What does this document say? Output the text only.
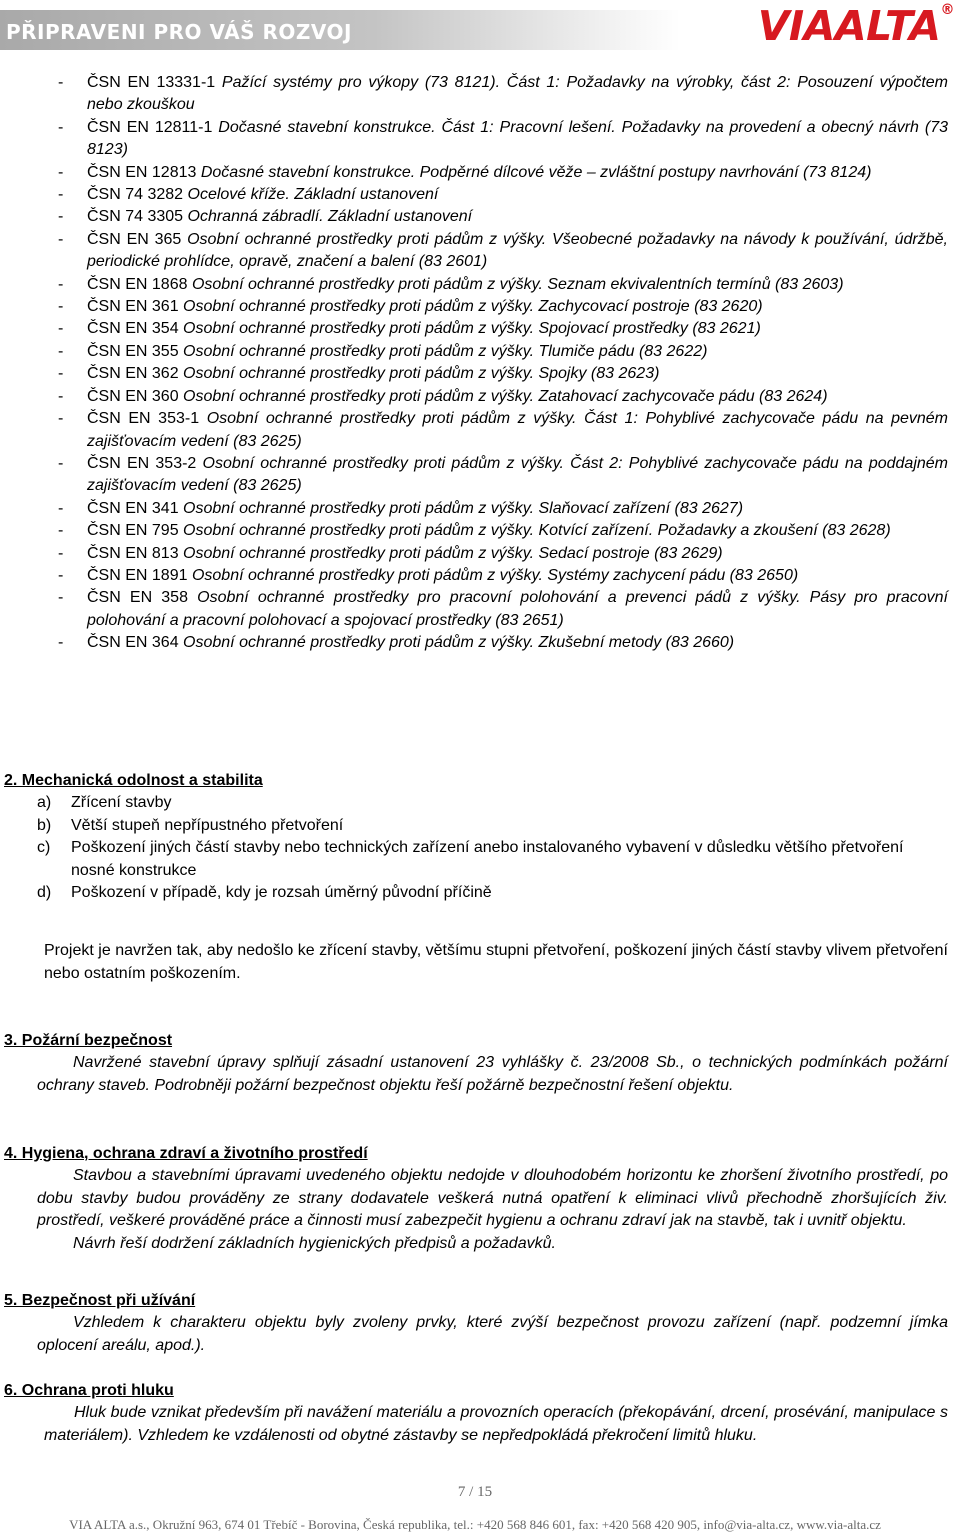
PŘIPRAVENI PRO VÁŠ ROZVOJ	VIAALTA®
- ČSN EN 13331-1 Pažící systémy pro výkopy (73 8121). Část 1: Požadavky na výrobky, část 2: Posouzení výpočtem nebo zkouškou
- ČSN EN 12811-1 Dočasné stavební konstrukce. Část 1: Pracovní lešení. Požadavky na provedení a obecný návrh (73 8123)
- ČSN EN 12813 Dočasné stavební konstrukce. Podpěrné dílcové věže – zvláštní postupy navrhování (73 8124)
- ČSN 74 3282 Ocelové kříže. Základní ustanovení
- ČSN 74 3305 Ochranná zábradlí. Základní ustanovení
- ČSN EN 365 Osobní ochranné prostředky proti pádům z výšky. Všeobecné požadavky na návody k používání, údržbě, periodické prohlídce, opravě, značení a balení (83 2601)
- ČSN EN 1868 Osobní ochranné prostředky proti pádům z výšky. Seznam ekvivalentních termínů (83 2603)
- ČSN EN 361 Osobní ochranné prostředky proti pádům z výšky. Zachycovací postroje (83 2620)
- ČSN EN 354 Osobní ochranné prostředky proti pádům z výšky. Spojovací prostředky (83 2621)
- ČSN EN 355 Osobní ochranné prostředky proti pádům z výšky. Tlumiče pádu (83 2622)
- ČSN EN 362 Osobní ochranné prostředky proti pádům z výšky. Spojky (83 2623)
- ČSN EN 360 Osobní ochranné prostředky proti pádům z výšky. Zatahovací zachycovače pádu (83 2624)
- ČSN EN 353-1 Osobní ochranné prostředky proti pádům z výšky. Část 1: Pohyblivé zachycovače pádu na pevném zajišťovacím vedení (83 2625)
- ČSN EN 353-2 Osobní ochranné prostředky proti pádům z výšky. Část 2: Pohyblivé zachycovače pádu na poddajném zajišťovacím vedení (83 2625)
- ČSN EN 341 Osobní ochranné prostředky proti pádům z výšky. Slaňovací zařízení (83 2627)
- ČSN EN 795 Osobní ochranné prostředky proti pádům z výšky. Kotvící zařízení. Požadavky a zkoušení (83 2628)
- ČSN EN 813 Osobní ochranné prostředky proti pádům z výšky. Sedací postroje (83 2629)
- ČSN EN 1891 Osobní ochranné prostředky proti pádům z výšky. Systémy zachycení pádu (83 2650)
- ČSN EN 358 Osobní ochranné prostředky pro pracovní polohování a prevenci pádů z výšky. Pásy pro pracovní polohování a pracovní polohovací a spojovací prostředky (83 2651)
- ČSN EN 364 Osobní ochranné prostředky proti pádům z výšky. Zkušební metody (83 2660)
2. Mechanická odolnost a stabilita
a) Zřícení stavby
b) Větší stupeň nepřípustného přetvoření
c) Poškození jiných částí stavby nebo technických zařízení anebo instalovaného vybavení v důsledku většího přetvoření nosné konstrukce
d) Poškození v případě, kdy je rozsah úměrný původní příčině
Projekt je navržen tak, aby nedošlo ke zřícení stavby, většímu stupni přetvoření, poškození jiných částí stavby vlivem přetvoření nebo ostatním poškozením.
3. Požární bezpečnost
Navržené stavební úpravy splňují zásadní ustanovení 23 vyhlášky č. 23/2008 Sb., o technických podmínkách požární ochrany staveb. Podrobněji požární bezpečnost objektu řeší požárně bezpečnostní řešení objektu.
4. Hygiena, ochrana zdraví a životního prostředí
Stavbou a stavebními úpravami uvedeného objektu nedojde v dlouhodobém horizontu ke zhoršení životního prostředí, po dobu stavby budou prováděny ze strany dodavatele veškerá nutná opatření k eliminaci vlivů přechodně zhoršujících živ. prostředí, veškeré prováděné práce a činnosti musí zabezpečit hygienu a ochranu zdraví jak na stavbě, tak i uvnitř objektu.
Návrh řeší dodržení základních hygienických předpisů a požadavků.
5. Bezpečnost při užívání
Vzhledem k charakteru objektu byly zvoleny prvky, které zvýší bezpečnost provozu zařízení (např. podzemní jímka oplocení areálu, apod.).
6. Ochrana proti hluku
Hluk bude vznikat především při navážení materiálu a provozních operacích (překopávání, drcení, prosévání, manipulace s materiálem). Vzhledem ke vzdálenosti od obytné zástavby se nepředpokládá překročení limitů hluku.
7 / 15
VIA ALTA a.s., Okružní 963, 674 01 Třebíč - Borovina, Česká republika, tel.: +420 568 846 601, fax: +420 568 420 905, info@via-alta.cz, www.via-alta.cz
